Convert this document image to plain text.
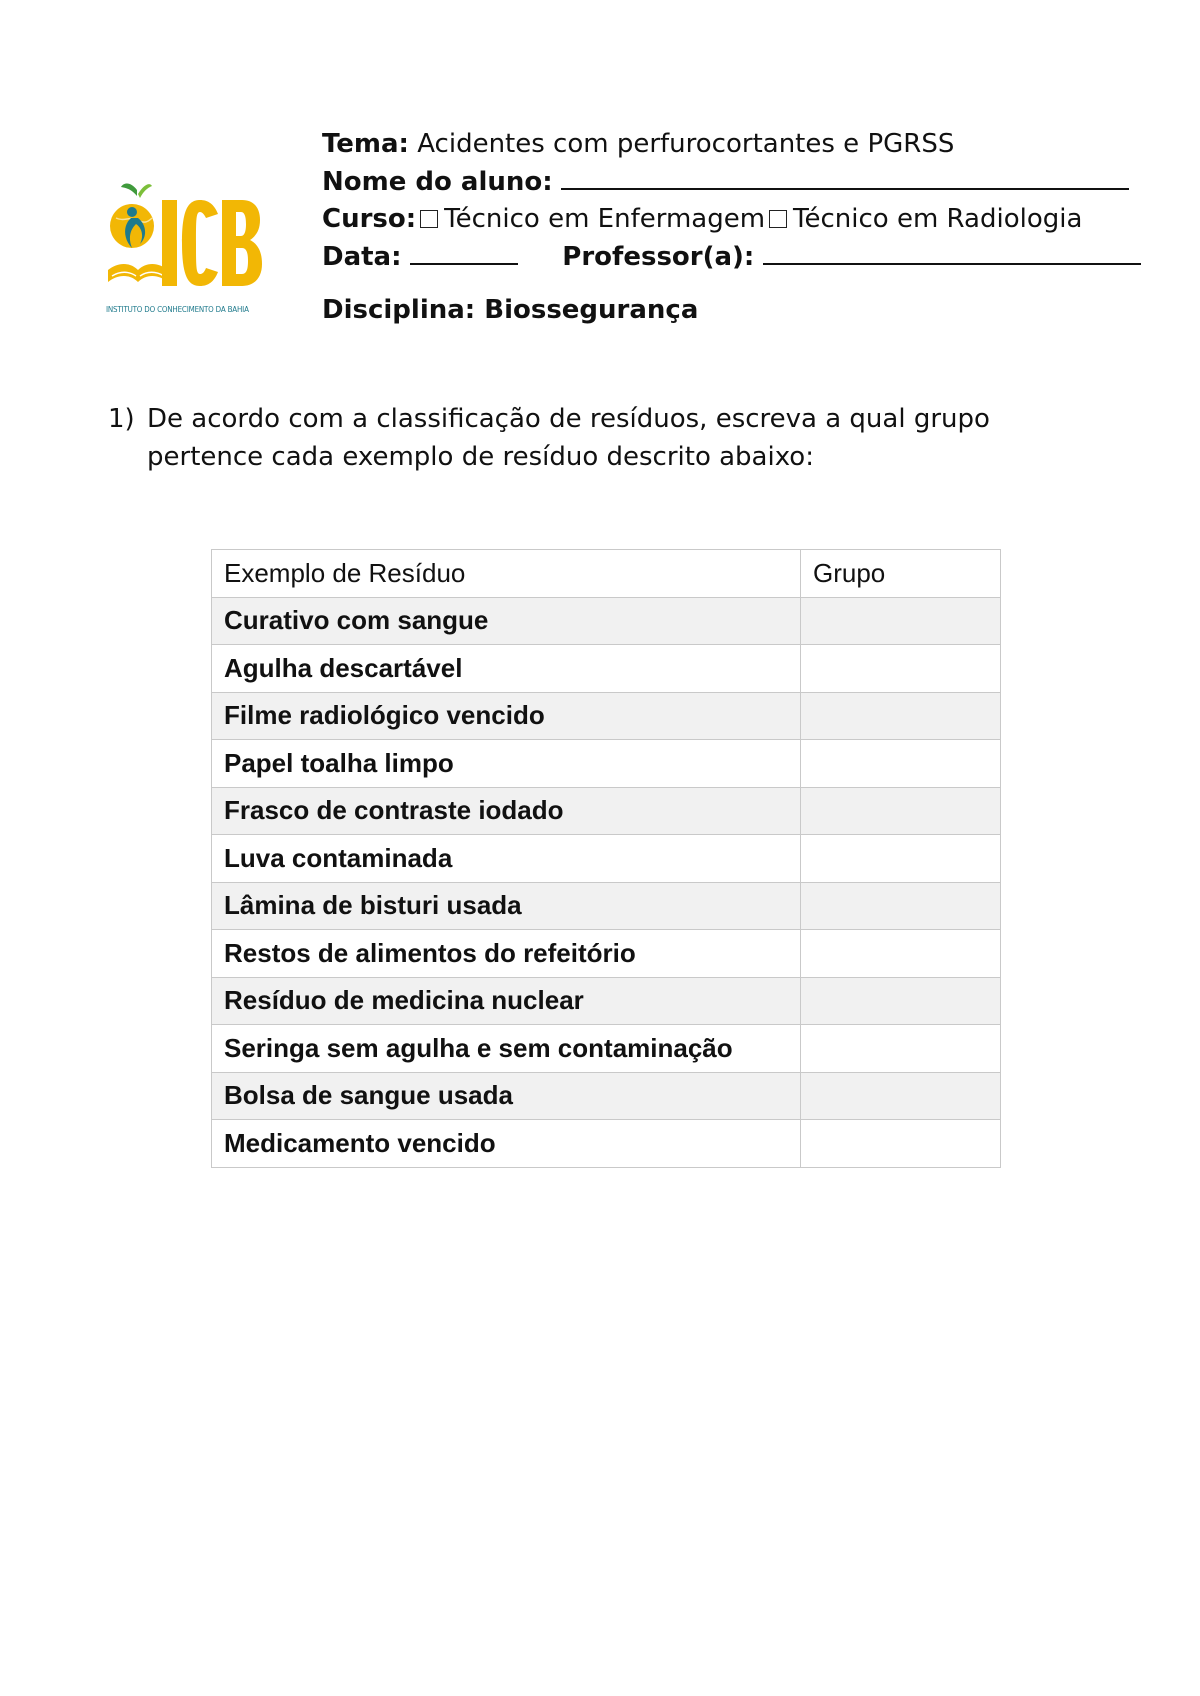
INSTITUTO DO CONHECIMENTO DA BAHIA
Tema: Acidentes com perfurocortantes e PGRSS
Nome do aluno:
Curso: Técnico em Enfermagem Técnico em Radiologia
Data:	Professor(a):
Disciplina: Biossegurança
1) De acordo com a classificação de resíduos, escreva a qual grupo pertence cada exemplo de resíduo descrito abaixo:
Exemplo de Resíduo	Grupo
Curativo com sangue	
Agulha descartável	
Filme radiológico vencido	
Papel toalha limpo	
Frasco de contraste iodado	
Luva contaminada	
Lâmina de bisturi usada	
Restos de alimentos do refeitório	
Resíduo de medicina nuclear	
Seringa sem agulha e sem contaminação	
Bolsa de sangue usada	
Medicamento vencido	
